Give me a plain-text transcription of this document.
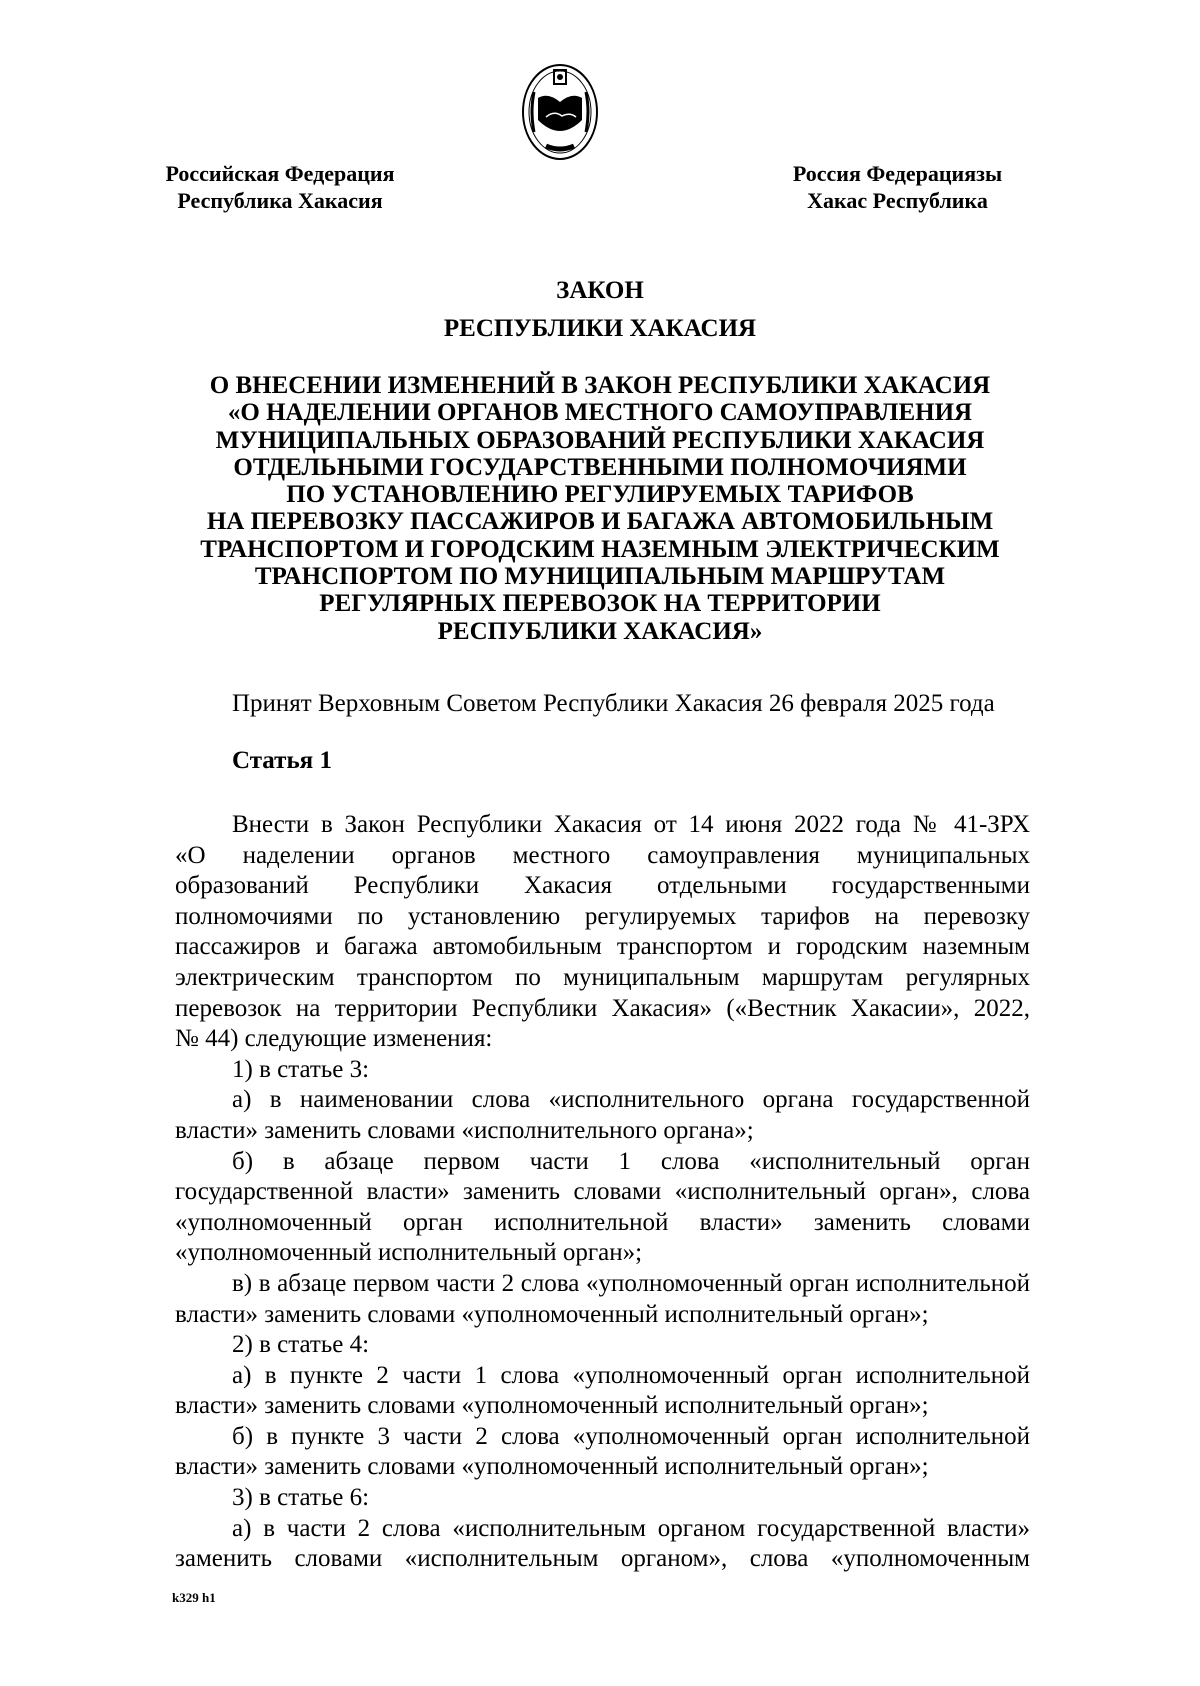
Российская Федерация
Республика Хакасия
Россия Федерациязы
Хакас Республика
ЗАКОН
РЕСПУБЛИКИ ХАКАСИЯ
О ВНЕСЕНИИ ИЗМЕНЕНИЙ В ЗАКОН РЕСПУБЛИКИ ХАКАСИЯ
«О НАДЕЛЕНИИ ОРГАНОВ МЕСТНОГО САМОУПРАВЛЕНИЯ
МУНИЦИПАЛЬНЫХ ОБРАЗОВАНИЙ РЕСПУБЛИКИ ХАКАСИЯ
ОТДЕЛЬНЫМИ ГОСУДАРСТВЕННЫМИ ПОЛНОМОЧИЯМИ
ПО УСТАНОВЛЕНИЮ РЕГУЛИРУЕМЫХ ТАРИФОВ
НА ПЕРЕВОЗКУ ПАССАЖИРОВ И БАГАЖА АВТОМОБИЛЬНЫМ
ТРАНСПОРТОМ И ГОРОДСКИМ НАЗЕМНЫМ ЭЛЕКТРИЧЕСКИМ
ТРАНСПОРТОМ ПО МУНИЦИПАЛЬНЫМ МАРШРУТАМ
РЕГУЛЯРНЫХ ПЕРЕВОЗОК НА ТЕРРИТОРИИ
РЕСПУБЛИКИ ХАКАСИЯ»
Принят Верховным Советом Республики Хакасия 26 февраля 2025 года
Статья 1
Внести в Закон Республики Хакасия от 14 июня 2022 года № 41-ЗРХ
«О наделении органов местного самоуправления муниципальных
образований Республики Хакасия отдельными государственными
полномочиями по установлению регулируемых тарифов на перевозку
пассажиров и багажа автомобильным транспортом и городским наземным
электрическим транспортом по муниципальным маршрутам регулярных
перевозок на территории Республики Хакасия» («Вестник Хакасии», 2022,
№ 44) следующие изменения:
1) в статье 3:
а) в наименовании слова «исполнительного органа государственной
власти» заменить словами «исполнительного органа»;
б) в абзаце первом части 1 слова «исполнительный орган
государственной власти» заменить словами «исполнительный орган», слова
«уполномоченный орган исполнительной власти» заменить словами
«уполномоченный исполнительный орган»;
в) в абзаце первом части 2 слова «уполномоченный орган исполнительной
власти» заменить словами «уполномоченный исполнительный орган»;
2) в статье 4:
а) в пункте 2 части 1 слова «уполномоченный орган исполнительной
власти» заменить словами «уполномоченный исполнительный орган»;
б) в пункте 3 части 2 слова «уполномоченный орган исполнительной
власти» заменить словами «уполномоченный исполнительный орган»;
3) в статье 6:
а) в части 2 слова «исполнительным органом государственной власти»
заменить словами «исполнительным органом», слова «уполномоченным
k329 h1
